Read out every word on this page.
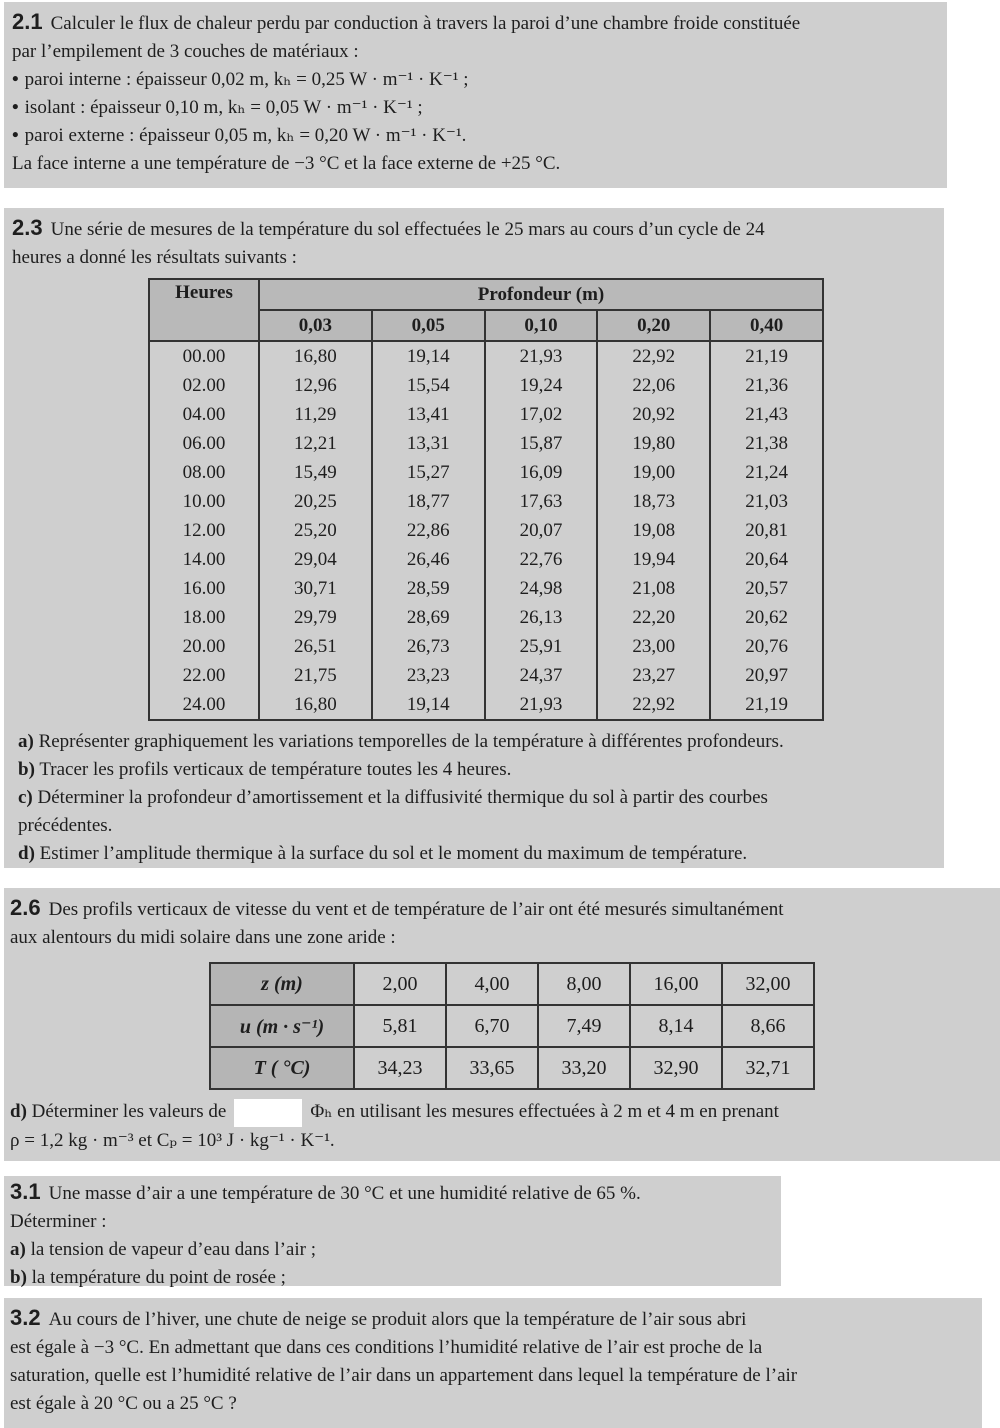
2.1 Calculer le flux de chaleur perdu par conduction à travers la paroi d’une chambre froide constituée

par l’empilement de 3 couches de matériaux :

• paroi interne : épaisseur 0,02 m, kₕ = 0,25 W · m⁻¹ · K⁻¹ ;

• isolant : épaisseur 0,10 m, kₕ = 0,05 W · m⁻¹ · K⁻¹ ;

• paroi externe : épaisseur 0,05 m, kₕ = 0,20 W · m⁻¹ · K⁻¹.

La face interne a une température de −3 °C et la face externe de +25 °C.

2.3 Une série de mesures de la température du sol effectuées le 25 mars au cours d’un cycle de 24

heures a donné les résultats suivants :

Heures	Profondeur (m)				
	0,03	0,05	0,10	0,20	0,40
00.00	16,80	19,14	21,93	22,92	21,19
02.00	12,96	15,54	19,24	22,06	21,36
04.00	11,29	13,41	17,02	20,92	21,43
06.00	12,21	13,31	15,87	19,80	21,38
08.00	15,49	15,27	16,09	19,00	21,24
10.00	20,25	18,77	17,63	18,73	21,03
12.00	25,20	22,86	20,07	19,08	20,81
14.00	29,04	26,46	22,76	19,94	20,64
16.00	30,71	28,59	24,98	21,08	20,57
18.00	29,79	28,69	26,13	22,20	20,62
20.00	26,51	26,73	25,91	23,00	20,76
22.00	21,75	23,23	24,37	23,27	20,97
24.00	16,80	19,14	21,93	22,92	21,19

a) Représenter graphiquement les variations temporelles de la température à différentes profondeurs.

b) Tracer les profils verticaux de température toutes les 4 heures.

c) Déterminer la profondeur d’amortissement et la diffusivité thermique du sol à partir des courbes

précédentes.

d) Estimer l’amplitude thermique à la surface du sol et le moment du maximum de température.

2.6 Des profils verticaux de vitesse du vent et de température de l’air ont été mesurés simultanément

aux alentours du midi solaire dans une zone aride :

z (m)	2,00	4,00	8,00	16,00	32,00
u (m · s⁻¹)	5,81	6,70	7,49	8,14	8,66
T ( °C)	34,23	33,65	33,20	32,90	32,71

d) Déterminer les valeurs de	Φₕ en utilisant les mesures effectuées à 2 m et 4 m en prenant

ρ = 1,2 kg · m⁻³ et Cₚ = 10³ J · kg⁻¹ · K⁻¹.

3.1 Une masse d’air a une température de 30 °C et une humidité relative de 65 %.

Déterminer :

a) la tension de vapeur d’eau dans l’air ;

b) la température du point de rosée ;

3.2 Au cours de l’hiver, une chute de neige se produit alors que la température de l’air sous abri

est égale à −3 °C. En admettant que dans ces conditions l’humidité relative de l’air est proche de la

saturation, quelle est l’humidité relative de l’air dans un appartement dans lequel la température de l’air

est égale à 20 °C ou a 25 °C ?
